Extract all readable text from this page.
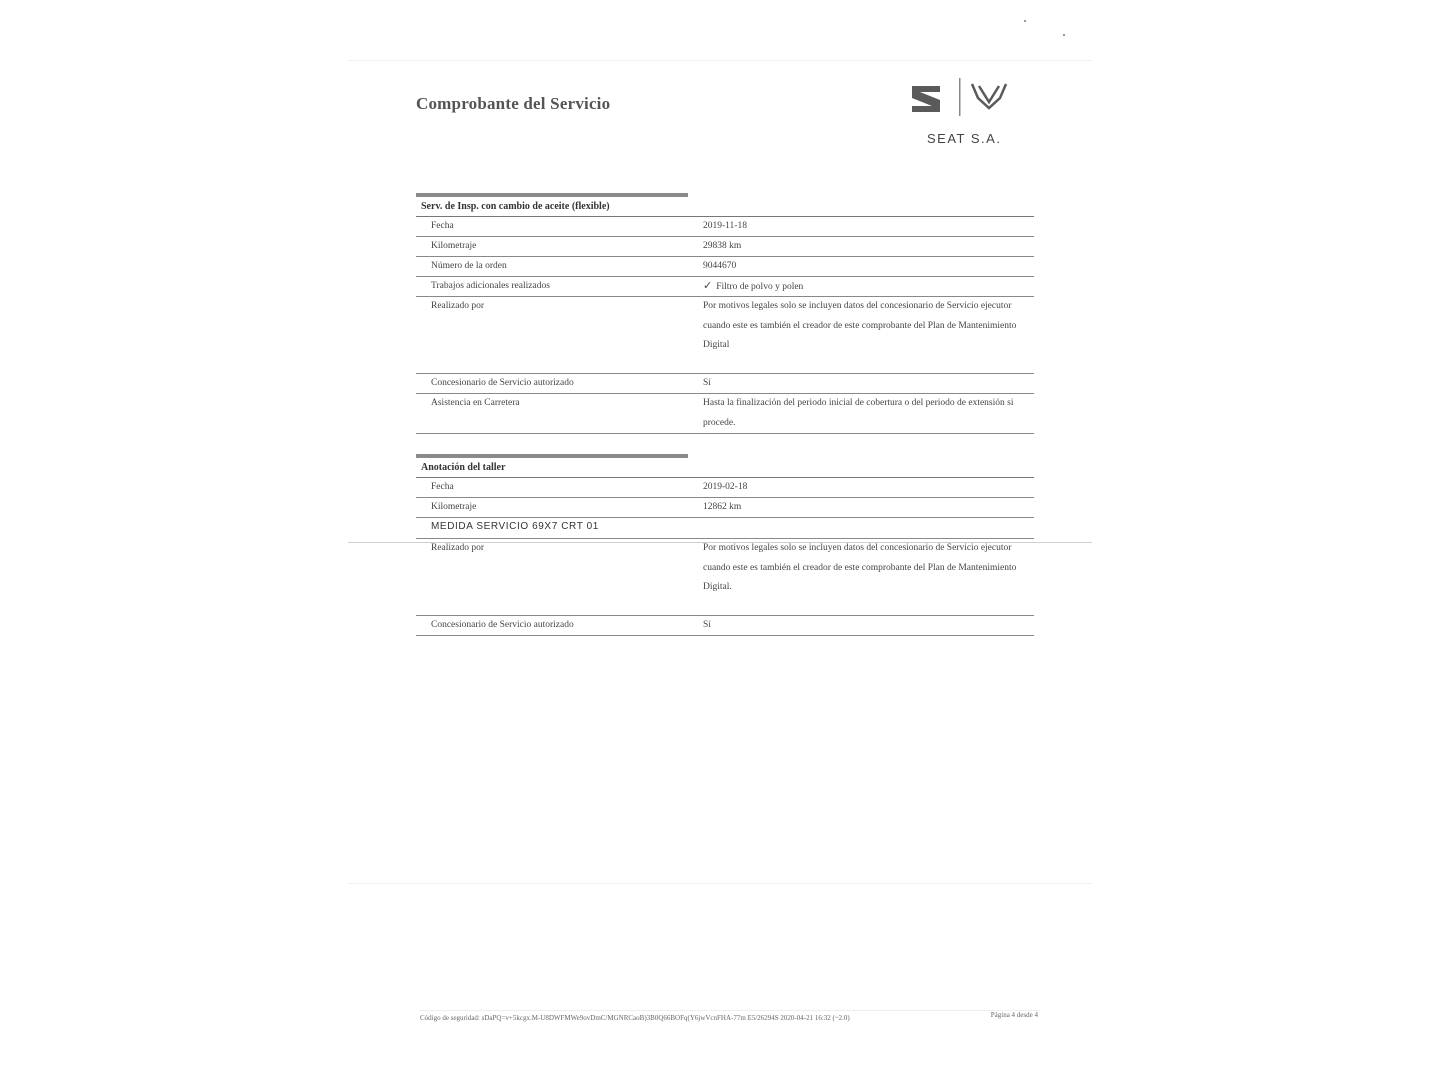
Comprobante del Servicio
SEAT S.A.
Serv. de Insp. con cambio de aceite (flexible)
Fecha	2019-11-18
Kilometraje	29838 km
Número de la orden	9044670
Trabajos adicionales realizados	✓ Filtro de polvo y polen
Realizado por	Por motivos legales solo se incluyen datos del concesionario de Servicio ejecutor cuando este es también el creador de este comprobante del Plan de Mantenimiento Digital
Concesionario de Servicio autorizado	Sí
Asistencia en Carretera	Hasta la finalización del periodo inicial de cobertura o del periodo de extensión si procede.
Anotación del taller
Fecha	2019-02-18
Kilometraje	12862 km
MEDIDA SERVICIO 69X7 CRT 01
Realizado por	Por motivos legales solo se incluyen datos del concesionario de Servicio ejecutor cuando este es también el creador de este comprobante del Plan de Mantenimiento Digital.
Concesionario de Servicio autorizado	Sí
Código de seguridad: sDaPQ=v+5kcgx.M-U8DWFMWe9ovDmC/MGNRCaoB)3B0Q66BOFq(Y6jwVcnFHA-77m E5/26294S 2020-04-21 16:32 (~2.0)	Página 4 desde 4
